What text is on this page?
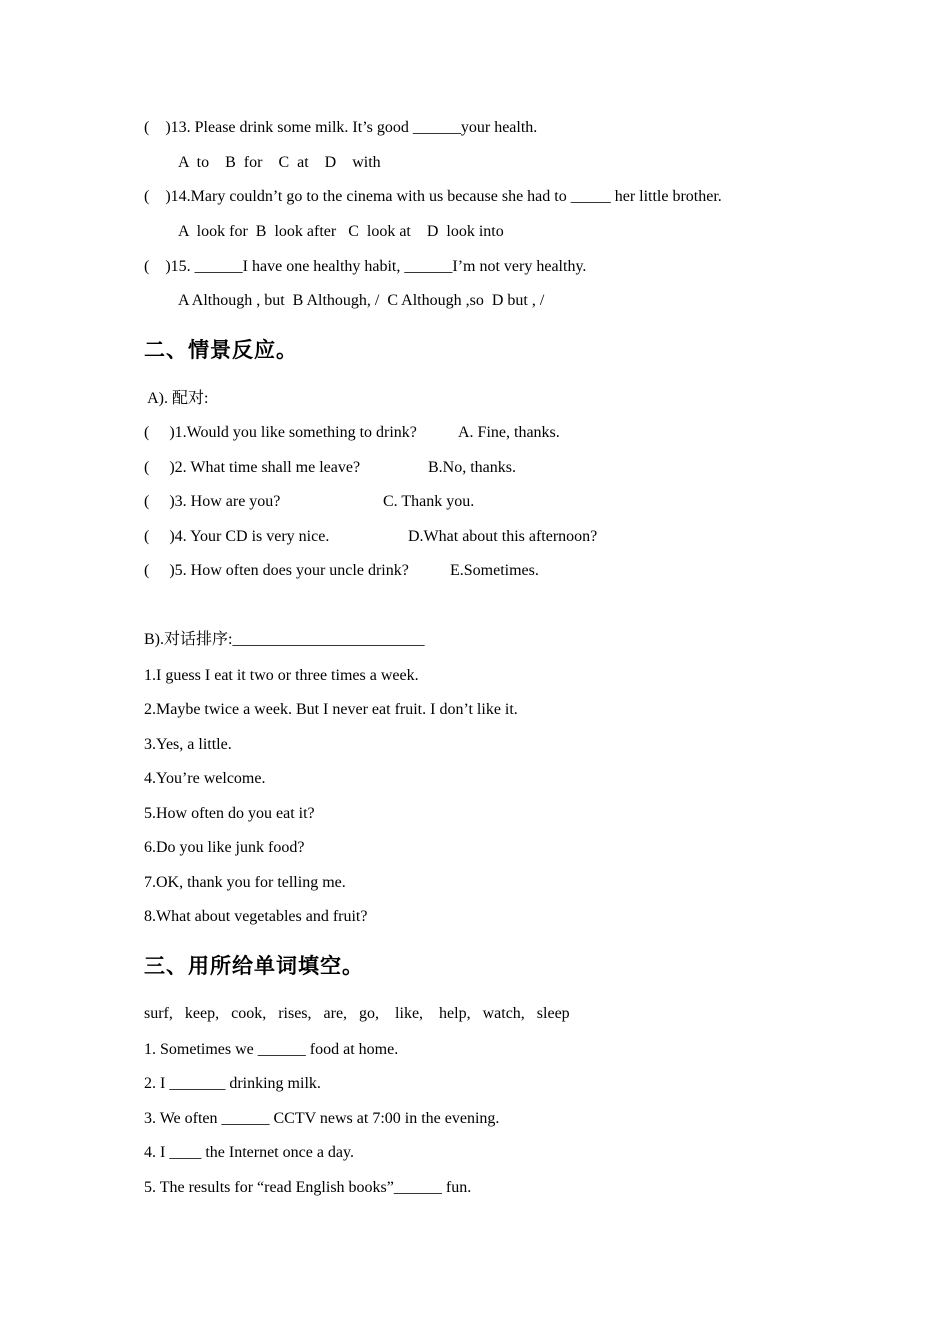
(    )13. Please drink some milk. It’s good ______your health.
A  to    B  for    C  at    D    with
(    )14.Mary couldn’t go to the cinema with us because she had to _____ her little brother.
A  look for  B  look after   C  look at    D  look into
(    )15. ______I have one healthy habit, ______I’m not very healthy.
A Although , but  B Although, /  C Although ,so  D but , /
二、情景反应。
A). 配对:
(     )1.Would you like something to drink?	A. Fine, thanks.
(     )2. What time shall me leave?	B.No, thanks.
(     )3. How are you?	C. Thank you.
(     )4. Your CD is very nice.	D.What about this afternoon?
(     )5. How often does your uncle drink?	E.Sometimes.
B).对话排序:________________________
1.I guess I eat it two or three times a week.
2.Maybe twice a week. But I never eat fruit. I don’t like it.
3.Yes, a little.
4.You’re welcome.
5.How often do you eat it?
6.Do you like junk food?
7.OK, thank you for telling me.
8.What about vegetables and fruit?
三、用所给单词填空。
surf,   keep,   cook,   rises,   are,   go,    like,    help,   watch,   sleep
1. Sometimes we ______ food at home.
2. I _______ drinking milk.
3. We often ______ CCTV news at 7:00 in the evening.
4. I ____ the Internet once a day.
5. The results for “read English books”______ fun.
